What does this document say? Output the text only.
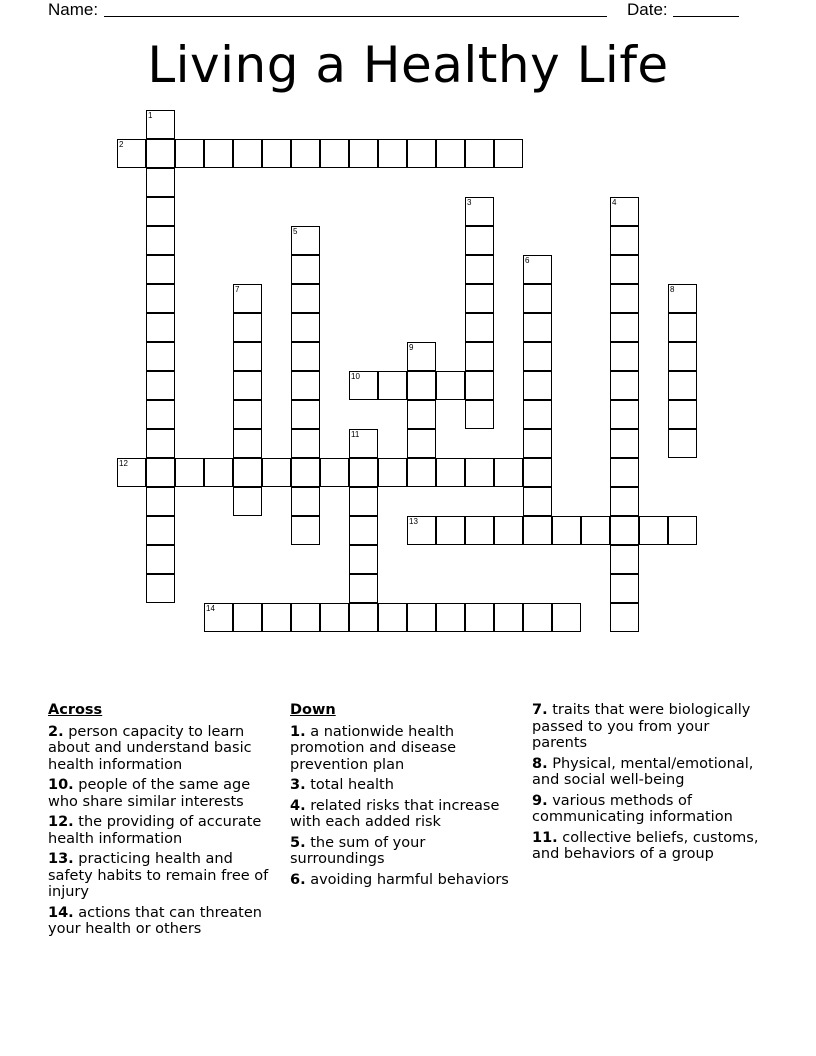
Name:	Date:
Living a Healthy Life
1
2
3	4
5
6
7	8
9
10
11
12
13
14
Across
2. person capacity to learn about and understand basic health information
10. people of the same age who share similar interests
12. the providing of accurate health information
13. practicing health and safety habits to remain free of injury
14. actions that can threaten your health or others
Down
1. a nationwide health promotion and disease prevention plan
3. total health
4. related risks that increase with each added risk
5. the sum of your surroundings
6. avoiding harmful behaviors
7. traits that were biologically passed to you from your parents
8. Physical, mental/emotional, and social well-being
9. various methods of communicating information
11. collective beliefs, customs, and behaviors of a group
